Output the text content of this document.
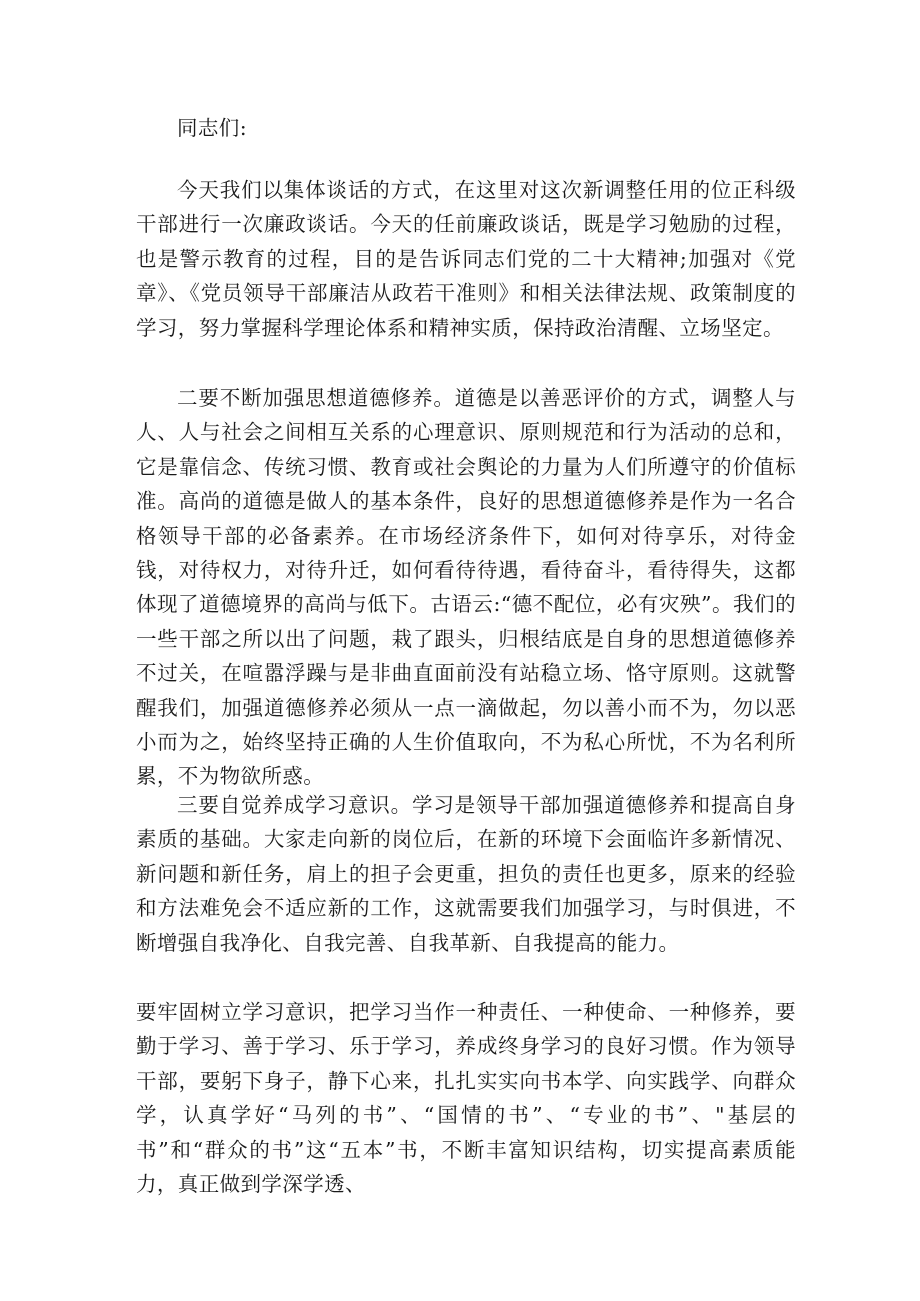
同志们:

今天我们以集体谈话的方式，在这里对这次新调整任用的位正科级干部进行一次廉政谈话。今天的任前廉政谈话，既是学习勉励的过程，也是警示教育的过程，目的是告诉同志们党的二十大精神;加强对《党章》、《党员领导干部廉洁从政若干准则》和相关法律法规、政策制度的学习，努力掌握科学理论体系和精神实质，保持政治清醒、立场坚定。

二要不断加强思想道德修养。道德是以善恶评价的方式，调整人与人、人与社会之间相互关系的心理意识、原则规范和行为活动的总和，它是靠信念、传统习惯、教育或社会舆论的力量为人们所遵守的价值标准。高尚的道德是做人的基本条件，良好的思想道德修养是作为一名合格领导干部的必备素养。在市场经济条件下，如何对待享乐，对待金钱，对待权力，对待升迁，如何看待待遇，看待奋斗，看待得失，这都体现了道德境界的高尚与低下。古语云:“德不配位，必有灾殃”。我们的一些干部之所以出了问题，栽了跟头，归根结底是自身的思想道德修养不过关，在喧嚣浮躁与是非曲直面前没有站稳立场、恪守原则。这就警醒我们，加强道德修养必须从一点一滴做起，勿以善小而不为，勿以恶小而为之，始终坚持正确的人生价值取向，不为私心所忧，不为名利所累，不为物欲所惑。

三要自觉养成学习意识。学习是领导干部加强道德修养和提高自身素质的基础。大家走向新的岗位后，在新的环境下会面临许多新情况、新问题和新任务，肩上的担子会更重，担负的责任也更多，原来的经验和方法难免会不适应新的工作，这就需要我们加强学习，与时俱进，不断增强自我净化、自我完善、自我革新、自我提高的能力。

要牢固树立学习意识，把学习当作一种责任、一种使命、一种修养，要勤于学习、善于学习、乐于学习，养成终身学习的良好习惯。作为领导干部，要躬下身子，静下心来，扎扎实实向书本学、向实践学、向群众学，认真学好“马列的书”、“国情的书”、“专业的书”、"基层的书”和“群众的书”这“五本”书，不断丰富知识结构，切实提高素质能力，真正做到学深学透、
